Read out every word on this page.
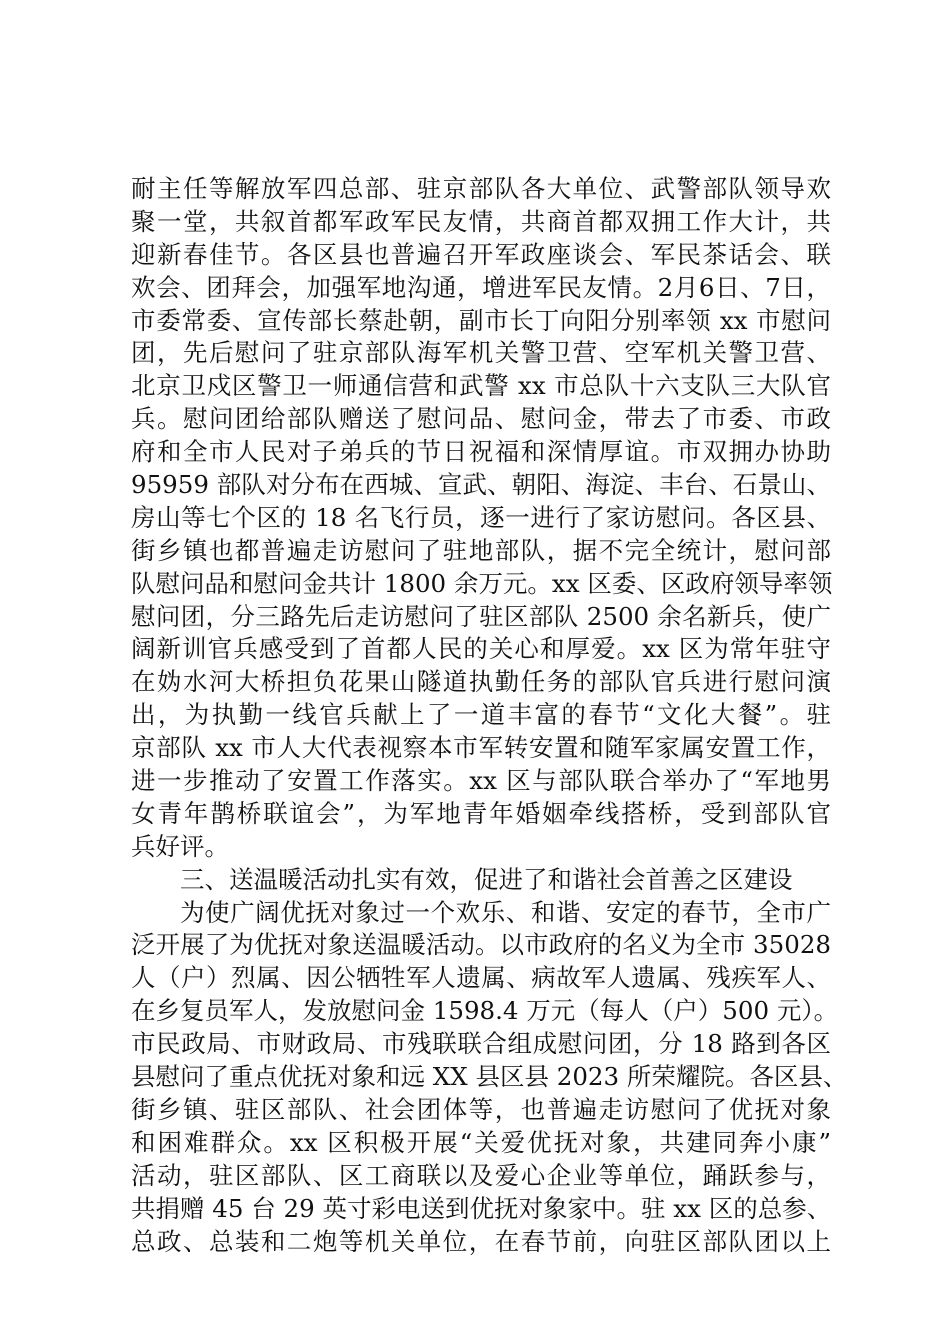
耐主任等解放军四总部、驻京部队各大单位、武警部队领导欢
聚一堂，共叙首都军政军民友情，共商首都双拥工作大计，共
迎新春佳节。各区县也普遍召开军政座谈会、军民茶话会、联
欢会、团拜会，加强军地沟通，增进军民友情。2月6日、7日，
市委常委、宣传部长蔡赴朝，副市长丁向阳分别率领 xx 市慰问
团，先后慰问了驻京部队海军机关警卫营、空军机关警卫营、
北京卫戍区警卫一师通信营和武警 xx 市总队十六支队三大队官
兵。慰问团给部队赠送了慰问品、慰问金，带去了市委、市政
府和全市人民对子弟兵的节日祝福和深情厚谊。市双拥办协助
95959 部队对分布在西城、宣武、朝阳、海淀、丰台、石景山、
房山等七个区的 18 名飞行员，逐一进行了家访慰问。各区县、
街乡镇也都普遍走访慰问了驻地部队，据不完全统计，慰问部
队慰问品和慰问金共计 1800 余万元。xx 区委、区政府领导率领
慰问团，分三路先后走访慰问了驻区部队 2500 余名新兵，使广
阔新训官兵感受到了首都人民的关心和厚爱。xx 区为常年驻守
在妫水河大桥担负花果山隧道执勤任务的部队官兵进行慰问演
出，为执勤一线官兵献上了一道丰富的春节“文化大餐”。驻
京部队 xx 市人大代表视察本市军转安置和随军家属安置工作，
进一步推动了安置工作落实。xx 区与部队联合举办了“军地男
女青年鹊桥联谊会”，为军地青年婚姻牵线搭桥，受到部队官
兵好评。
三、送温暖活动扎实有效，促进了和谐社会首善之区建设
为使广阔优抚对象过一个欢乐、和谐、安定的春节，全市广
泛开展了为优抚对象送温暖活动。以市政府的名义为全市 35028
人（户）烈属、因公牺牲军人遗属、病故军人遗属、残疾军人、
在乡复员军人，发放慰问金 1598.4 万元（每人（户）500 元）。
市民政局、市财政局、市残联联合组成慰问团，分 18 路到各区
县慰问了重点优抚对象和远 XX 县区县 2023 所荣耀院。各区县、
街乡镇、驻区部队、社会团体等，也普遍走访慰问了优抚对象
和困难群众。xx 区积极开展“关爱优抚对象，共建同奔小康”
活动，驻区部队、区工商联以及爱心企业等单位，踊跃参与，
共捐赠 45 台 29 英寸彩电送到优抚对象家中。驻 xx 区的总参、
总政、总装和二炮等机关单位，在春节前，向驻区部队团以上
